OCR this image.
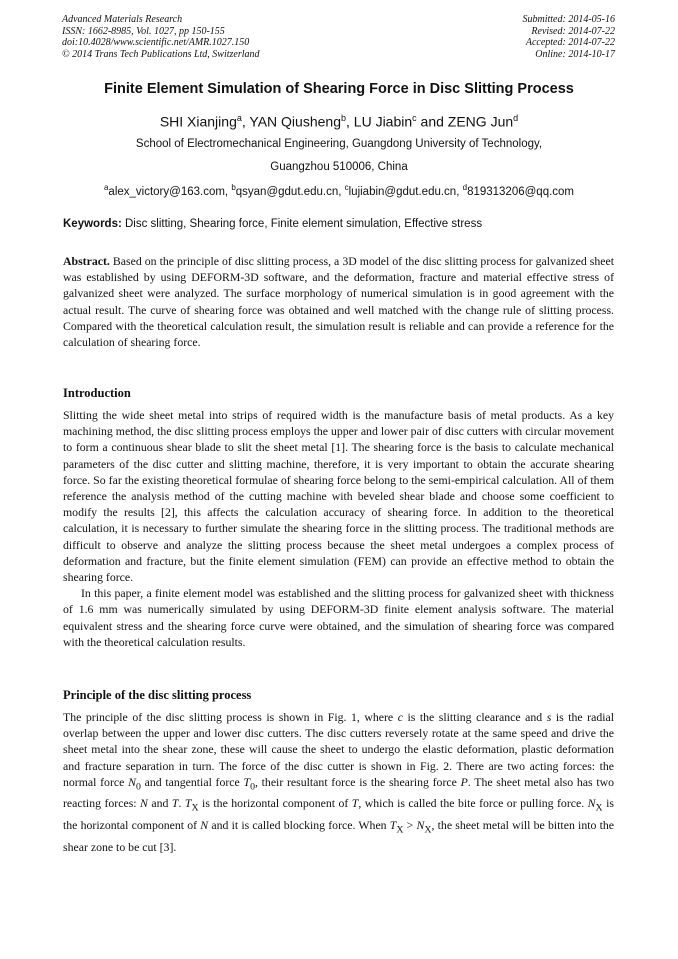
Advanced Materials Research
ISSN: 1662-8985, Vol. 1027, pp 150-155
doi:10.4028/www.scientific.net/AMR.1027.150
© 2014 Trans Tech Publications Ltd, Switzerland
Submitted: 2014-05-16
Revised: 2014-07-22
Accepted: 2014-07-22
Online: 2014-10-17
Finite Element Simulation of Shearing Force in Disc Slitting Process
SHI Xianjing$^a$, YAN Qiusheng$^b$, LU Jiabin$^c$ and ZENG Jun$^d$
School of Electromechanical Engineering, Guangdong University of Technology,
Guangzhou 510006, China
$^a$alex_victory@163.com, $^b$qsyan@gdut.edu.cn, $^c$lujiabin@gdut.edu.cn, $^d$819313206@qq.com
Keywords: Disc slitting, Shearing force, Finite element simulation, Effective stress

Abstract. Based on the principle of disc slitting process, a 3D model of the disc slitting process for galvanized sheet was established by using DEFORM-3D software, and the deformation, fracture and material effective stress of galvanized sheet were analyzed. The surface morphology of numerical simulation is in good agreement with the actual result. The curve of shearing force was obtained and well matched with the change rule of slitting process. Compared with the theoretical calculation result, the simulation result is reliable and can provide a reference for the calculation of shearing force.

Introduction

Slitting the wide sheet metal into strips of required width is the manufacture basis of metal products. As a key machining method, the disc slitting process employs the upper and lower pair of disc cutters with circular movement to form a continuous shear blade to slit the sheet metal [1]. The shearing force is the basis to calculate mechanical parameters of the disc cutter and slitting machine, therefore, it is very important to obtain the accurate shearing force. So far the existing theoretical formulae of shearing force belong to the semi-empirical calculation. All of them reference the analysis method of the cutting machine with beveled shear blade and choose some coefficient to modify the results [2], this affects the calculation accuracy of shearing force. In addition to the theoretical calculation, it is necessary to further simulate the shearing force in the slitting process. The traditional methods are difficult to observe and analyze the slitting process because the sheet metal undergoes a complex process of deformation and fracture, but the finite element simulation (FEM) can provide an effective method to obtain the shearing force.

In this paper, a finite element model was established and the slitting process for galvanized sheet with thickness of 1.6 mm was numerically simulated by using DEFORM-3D finite element analysis software. The material equivalent stress and the shearing force curve were obtained, and the simulation of shearing force was compared with the theoretical calculation results.

Principle of the disc slitting process

The principle of the disc slitting process is shown in Fig. 1, where c is the slitting clearance and s is the radial overlap between the upper and lower disc cutters. The disc cutters reversely rotate at the same speed and drive the sheet metal into the shear zone, these will cause the sheet to undergo the elastic deformation, plastic deformation and fracture separation in turn. The force of the disc cutter is shown in Fig. 2. There are two acting forces: the normal force $N_0$ and tangential force $T_0$, their resultant force is the shearing force P. The sheet metal also has two reacting forces: N and T. $T_X$ is the horizontal component of T, which is called the bite force or pulling force. $N_X$ is the horizontal component of N and it is called blocking force. When $T_X > N_X$, the sheet metal will be bitten into the shear zone to be cut [3].
